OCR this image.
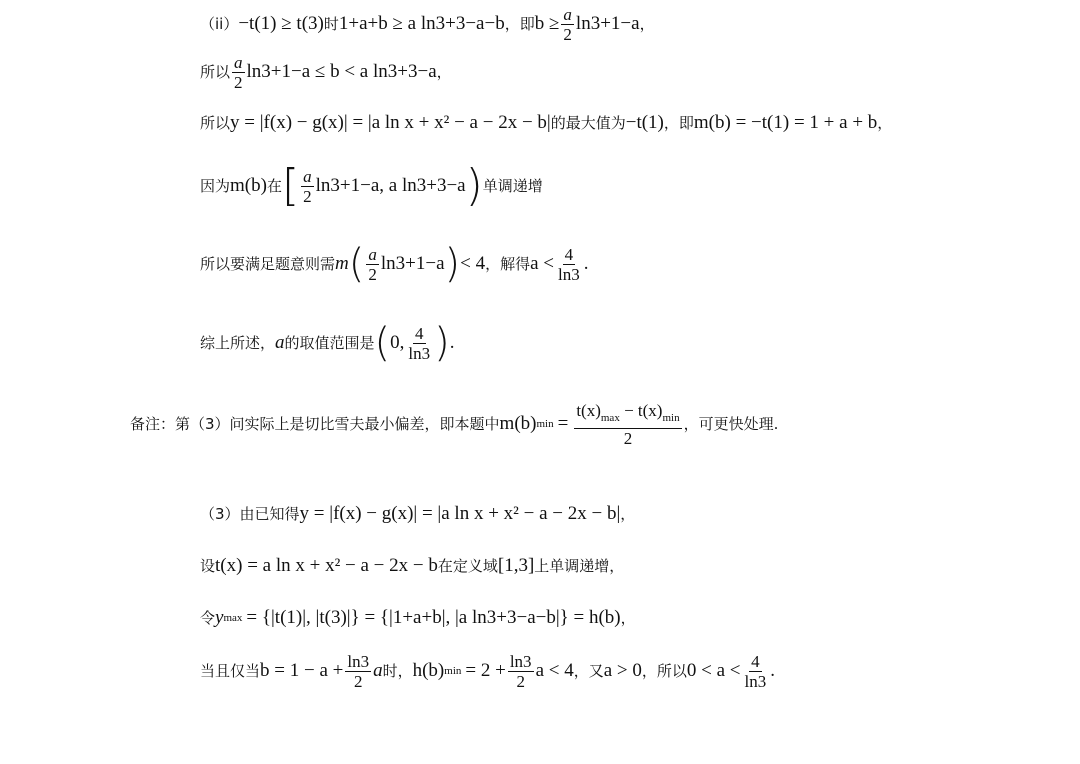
（ii） −t(1) ≥ t(3) 时 1+a+b ≥ a ln3+3−a−b ，即 $b \ge \frac{a}{2} \ln 3+1-a$ ，
所以 $\frac{a}{2} \ln 3+1-a \le b < a$ ln3+3−a ，
所以 y = |f(x) − g(x)| = |a ln x + x² − a − 2x − b| 的最大值为 −t(1) ，即 m(b) = −t(1) = 1 + a + b ，
因为 m(b) 在 [ $\frac{a}{2} \ln 3+1-a$, a ln3+3−a ) 单调递增
所以要满足题意则需 m ( $\frac{a}{2} \ln 3+1-a$ ) < 4 ，解得 $a < \frac{4}{\ln 3}$ .
综上所述， a 的取值范围是 ( 0, $\frac{4}{\ln 3}$ ) .
备注：第（3）问实际上是切比雪夫最小偏差，即本题中 m(b) $\min = \frac{t(x)_{max} - t(x)_{min}}{2}$ ，可更快处理.
（3）由已知得 y = |f(x) − g(x)| = |a ln x + x² − a − 2x − b| ，
设 t(x) = a ln x + x² − a − 2x − b 在定义域 [1,3] 上单调递增，
令 y max = {|t(1)|, |t(3)|} = {|1+a+b|, |a ln3+3−a−b|} = h(b) ，
当且仅当 $b = 1 - a + \frac{\ln 3}{2}$ a 时， h(b) $\min = 2 + \frac{\ln 3}{2}$ a < 4 ，又 a > 0 ，所以 $0 < a < \frac{4}{\ln 3}$ .
